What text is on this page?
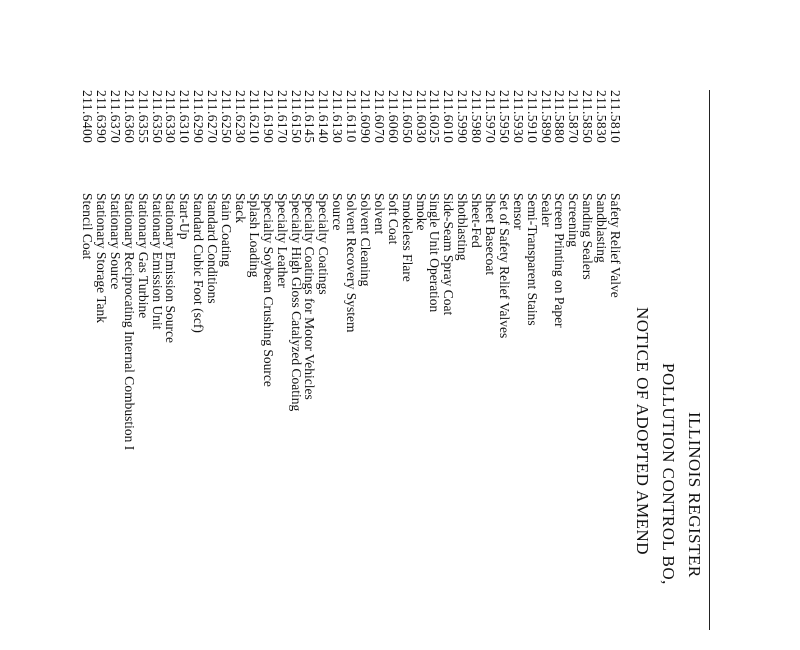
ILLINOIS REGISTER
POLLUTION CONTROL BO,
NOTICE OF ADOPTED AMEND
211.5810Safety Relief Valve
211.5830Sandblasting
211.5850Sanding Sealers
211.5870Screening
211.5880Screen Printing on Paper
211.5890Sealer
211.5910Semi-Transparent Stains
211.5930Sensor
211.5950Set of Safety Relief Valves
211.5970Sheet Basecoat
211.5980Sheet-Fed
211.5990Shotblasting
211.6010Side-Seam Spray Coat
211.6025Single Unit Operation
211.6030Smoke
211.6050Smokeless Flare
211.6060Soft Coat
211.6070Solvent
211.6090Solvent Cleaning
211.6110Solvent Recovery System
211.6130Source
211.6140Specialty Coatings
211.6145Specialty Coatings for Motor Vehicles
211.6150Specialty High Gloss Catalyzed Coating
211.6170Specialty Leather
211.6190Specialty Soybean Crushing Source
211.6210Splash Loading
211.6230Stack
211.6250Stain Coating
211.6270Standard Conditions
211.6290Standard Cubic Foot (scf)
211.6310Start-Up
211.6330Stationary Emission Source
211.6350Stationary Emission Unit
211.6355Stationary Gas Turbine
211.6360Stationary Reciprocating Internal Combustion I
211.6370Stationary Source
211.6390Stationary Storage Tank
211.6400Stencil Coat
